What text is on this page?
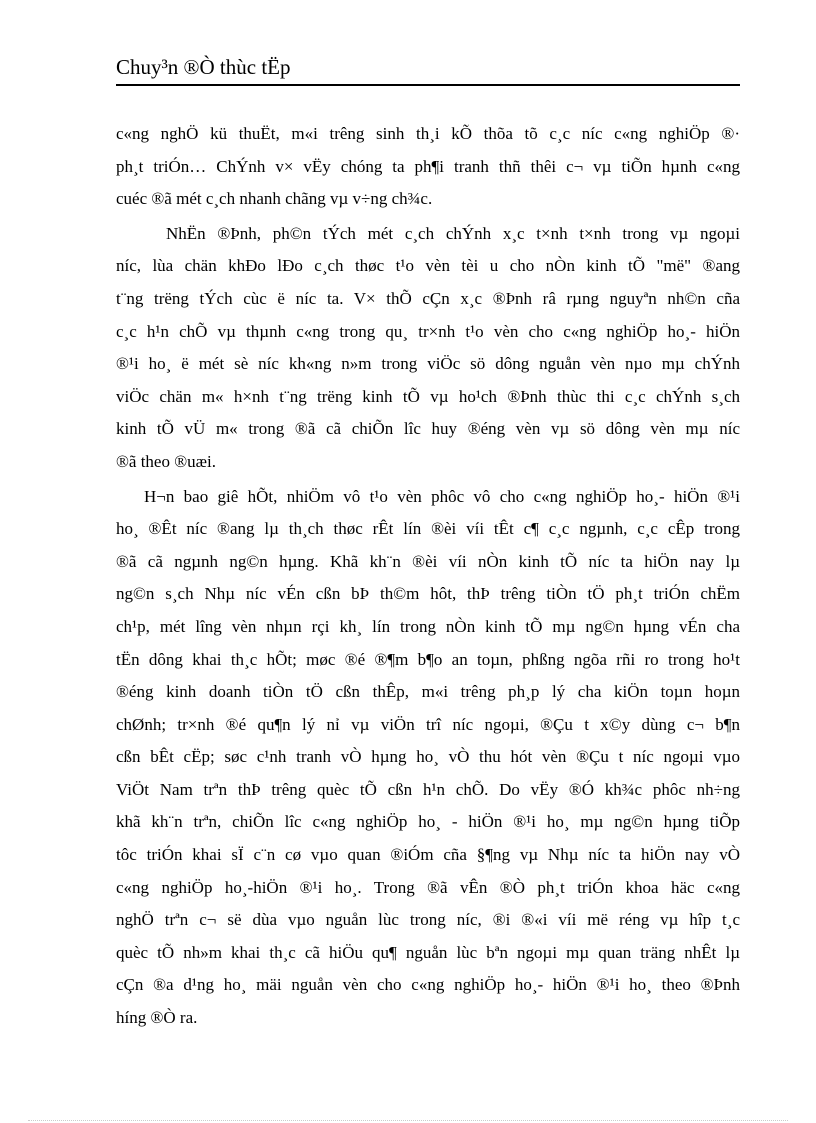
Chuy³n ®Ò thùc tËp
c«ng nghÖ kü thuËt, m«i trêng sinh th¸i kÕ thõa tõ c¸c níc c«ng nghiÖp ®·
ph¸t triÓn… ChÝnh v× vËy chóng ta ph¶i tranh thñ thêi c¬ vµ tiÕn hµnh c«ng
cuéc ®ã mét c¸ch nhanh chãng vµ v÷ng ch¾c.
NhËn ®Þnh, ph©n tÝch mét c¸ch chÝnh x¸c t×nh t×nh trong vµ ngoµi
níc, lùa chän khÐo lÐo c¸ch thøc t¹o vèn tèi u cho nÒn kinh tÕ "më" ®ang
t¨ng trëng tÝch cùc ë níc ta. V× thÕ cÇn x¸c ®Þnh râ rµng nguyªn nh©n cña
c¸c h¹n chÕ vµ thµnh c«ng trong qu¸ tr×nh t¹o vèn cho c«ng nghiÖp ho¸- hiÖn
®¹i ho¸ ë mét sè níc kh«ng n»m trong viÖc sö dông nguån vèn nµo mµ chÝnh
viÖc chän m« h×nh t¨ng trëng kinh tÕ vµ ho¹ch ®Þnh thùc thi c¸c chÝnh s¸ch
kinh tÕ vÜ m« trong ®ã cã chiÕn lîc huy ®éng vèn vµ sö dông vèn mµ níc
®ã theo ®uæi.
H¬n bao giê hÕt, nhiÖm vô t¹o vèn phôc vô cho c«ng nghiÖp ho¸- hiÖn ®¹i
ho¸ ®Êt níc ®ang lµ th¸ch thøc rÊt lín ®èi víi tÊt c¶ c¸c ngµnh, c¸c cÊp trong
®ã cã ngµnh ng©n hµng. Khã kh¨n ®èi víi nÒn kinh tÕ níc ta hiÖn nay lµ
ng©n s¸ch Nhµ níc vÉn cßn bÞ th©m hôt, thÞ trêng tiÒn tÖ ph¸t triÓn chËm
ch¹p, mét lîng vèn nhµn rçi kh¸ lín trong nÒn kinh tÕ mµ ng©n hµng vÉn cha
tËn dông khai th¸c hÕt; møc ®é ®¶m b¶o an toµn, phßng ngõa rñi ro trong ho¹t
®éng kinh doanh tiÒn tÖ cßn thÊp, m«i trêng ph¸p lý cha kiÖn toµn hoµn
chØnh; tr×nh ®é qu¶n lý nỉ vµ viÖn trî níc ngoµi, ®Çu t x©y dùng c¬ b¶n
cßn bÊt cËp; søc c¹nh tranh vÒ hµng ho¸ vÒ thu hót vèn ®Çu t níc ngoµi vµo
ViÖt Nam trªn thÞ trêng quèc tÕ cßn h¹n chÕ. Do vËy ®Ó kh¾c phôc nh÷ng
khã kh¨n trªn, chiÕn lîc c«ng nghiÖp ho¸ - hiÖn ®¹i ho¸ mµ ng©n hµng tiÕp
tôc triÓn khai sÏ c¨n cø vµo quan ®iÓm cña §¶ng vµ Nhµ níc ta hiÖn nay vÒ
c«ng nghiÖp ho¸-hiÖn ®¹i ho¸. Trong ®ã vÊn ®Ò ph¸t triÓn khoa häc c«ng
nghÖ trªn c¬ së dùa vµo nguån lùc trong níc, ®i ®«i víi më réng vµ hîp t¸c
quèc tÕ nh»m khai th¸c cã hiÖu qu¶ nguån lùc bªn ngoµi mµ quan träng nhÊt lµ
cÇn ®a d¹ng ho¸ mäi nguån vèn cho c«ng nghiÖp ho¸- hiÖn ®¹i ho¸ theo ®Þnh
híng ®Ò ra.
